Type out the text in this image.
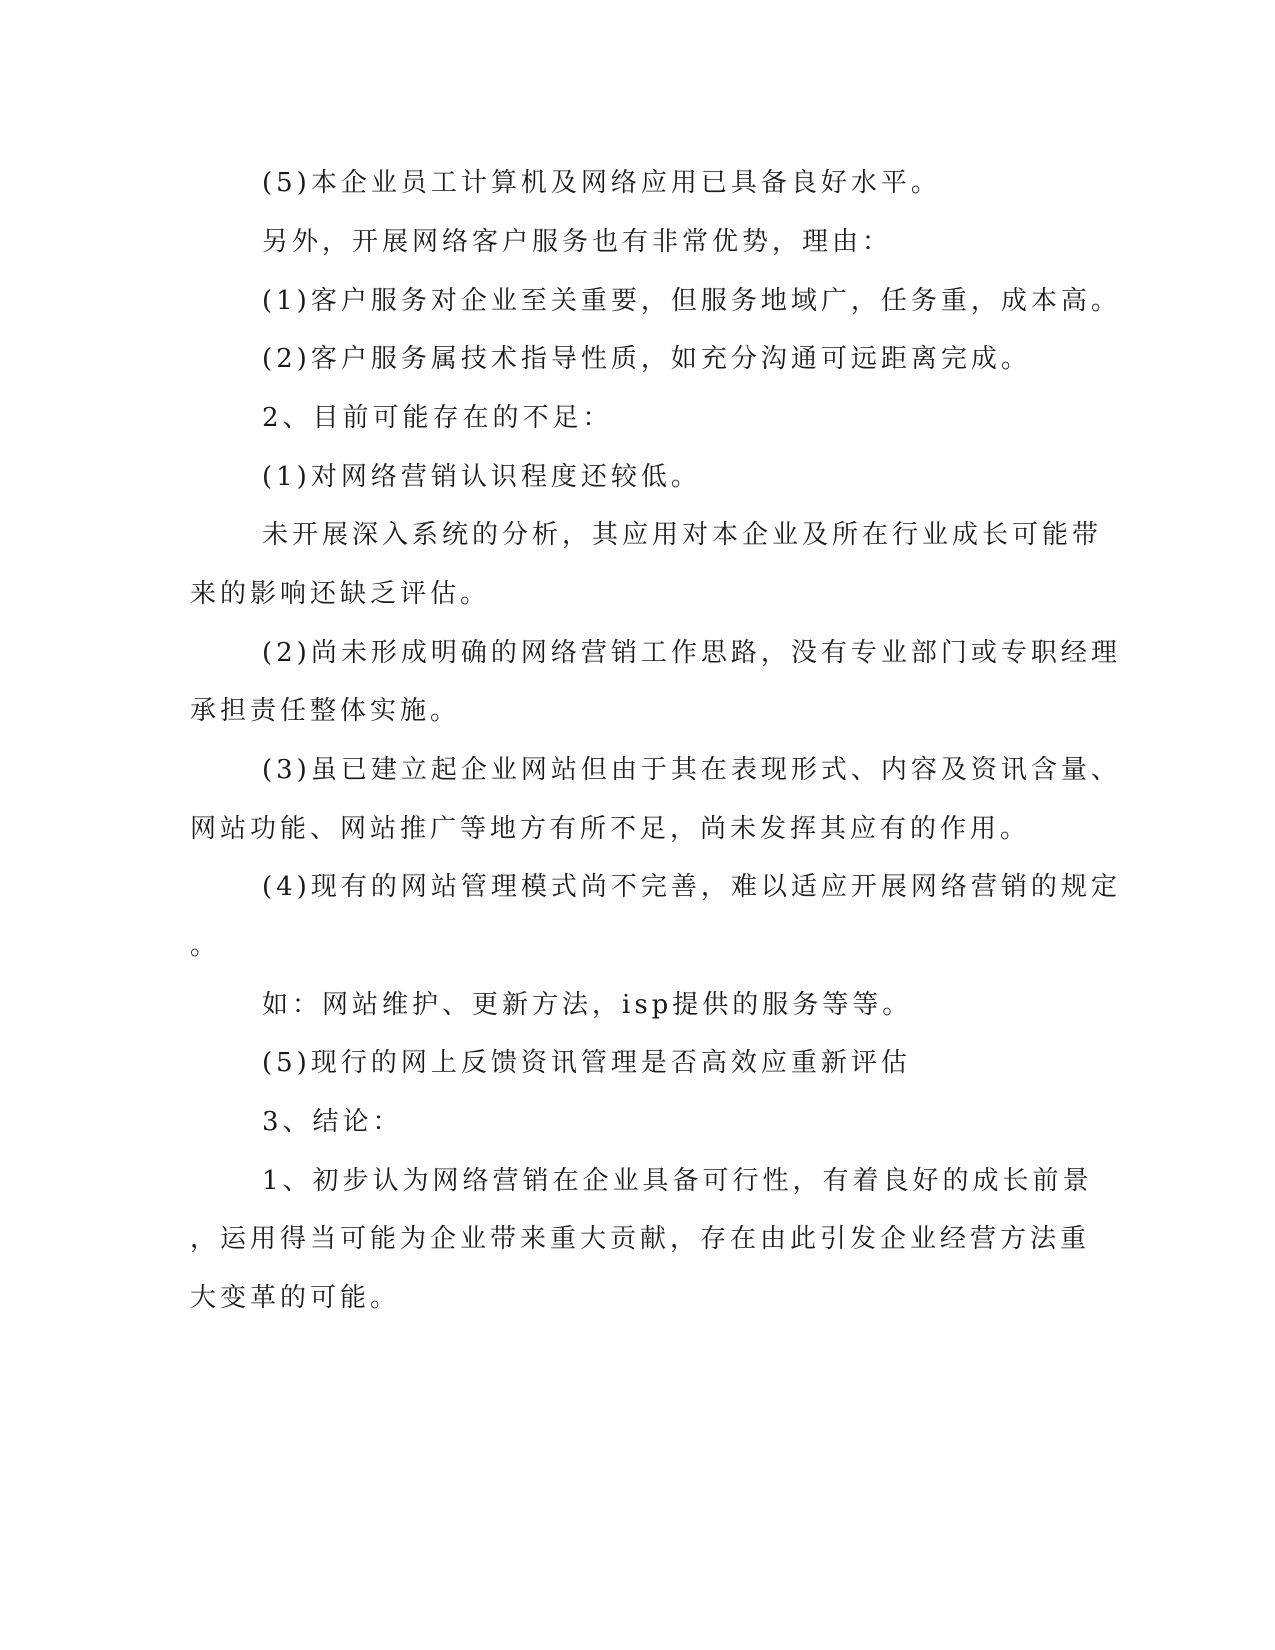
(5)本企业员工计算机及网络应用已具备良好水平。

另外，开展网络客户服务也有非常优势，理由：

(1)客户服务对企业至关重要，但服务地域广，任务重，成本高。

(2)客户服务属技术指导性质，如充分沟通可远距离完成。

2、目前可能存在的不足：

(1)对网络营销认识程度还较低。

未开展深入系统的分析，其应用对本企业及所在行业成长可能带
来的影响还缺乏评估。

(2)尚未形成明确的网络营销工作思路，没有专业部门或专职经理
承担责任整体实施。

(3)虽已建立起企业网站但由于其在表现形式、内容及资讯含量、
网站功能、网站推广等地方有所不足，尚未发挥其应有的作用。

(4)现有的网站管理模式尚不完善，难以适应开展网络营销的规定
。

如：网站维护、更新方法，isp提供的服务等等。

(5)现行的网上反馈资讯管理是否高效应重新评估

3、结论：

1、初步认为网络营销在企业具备可行性，有着良好的成长前景
，运用得当可能为企业带来重大贡献，存在由此引发企业经营方法重
大变革的可能。
